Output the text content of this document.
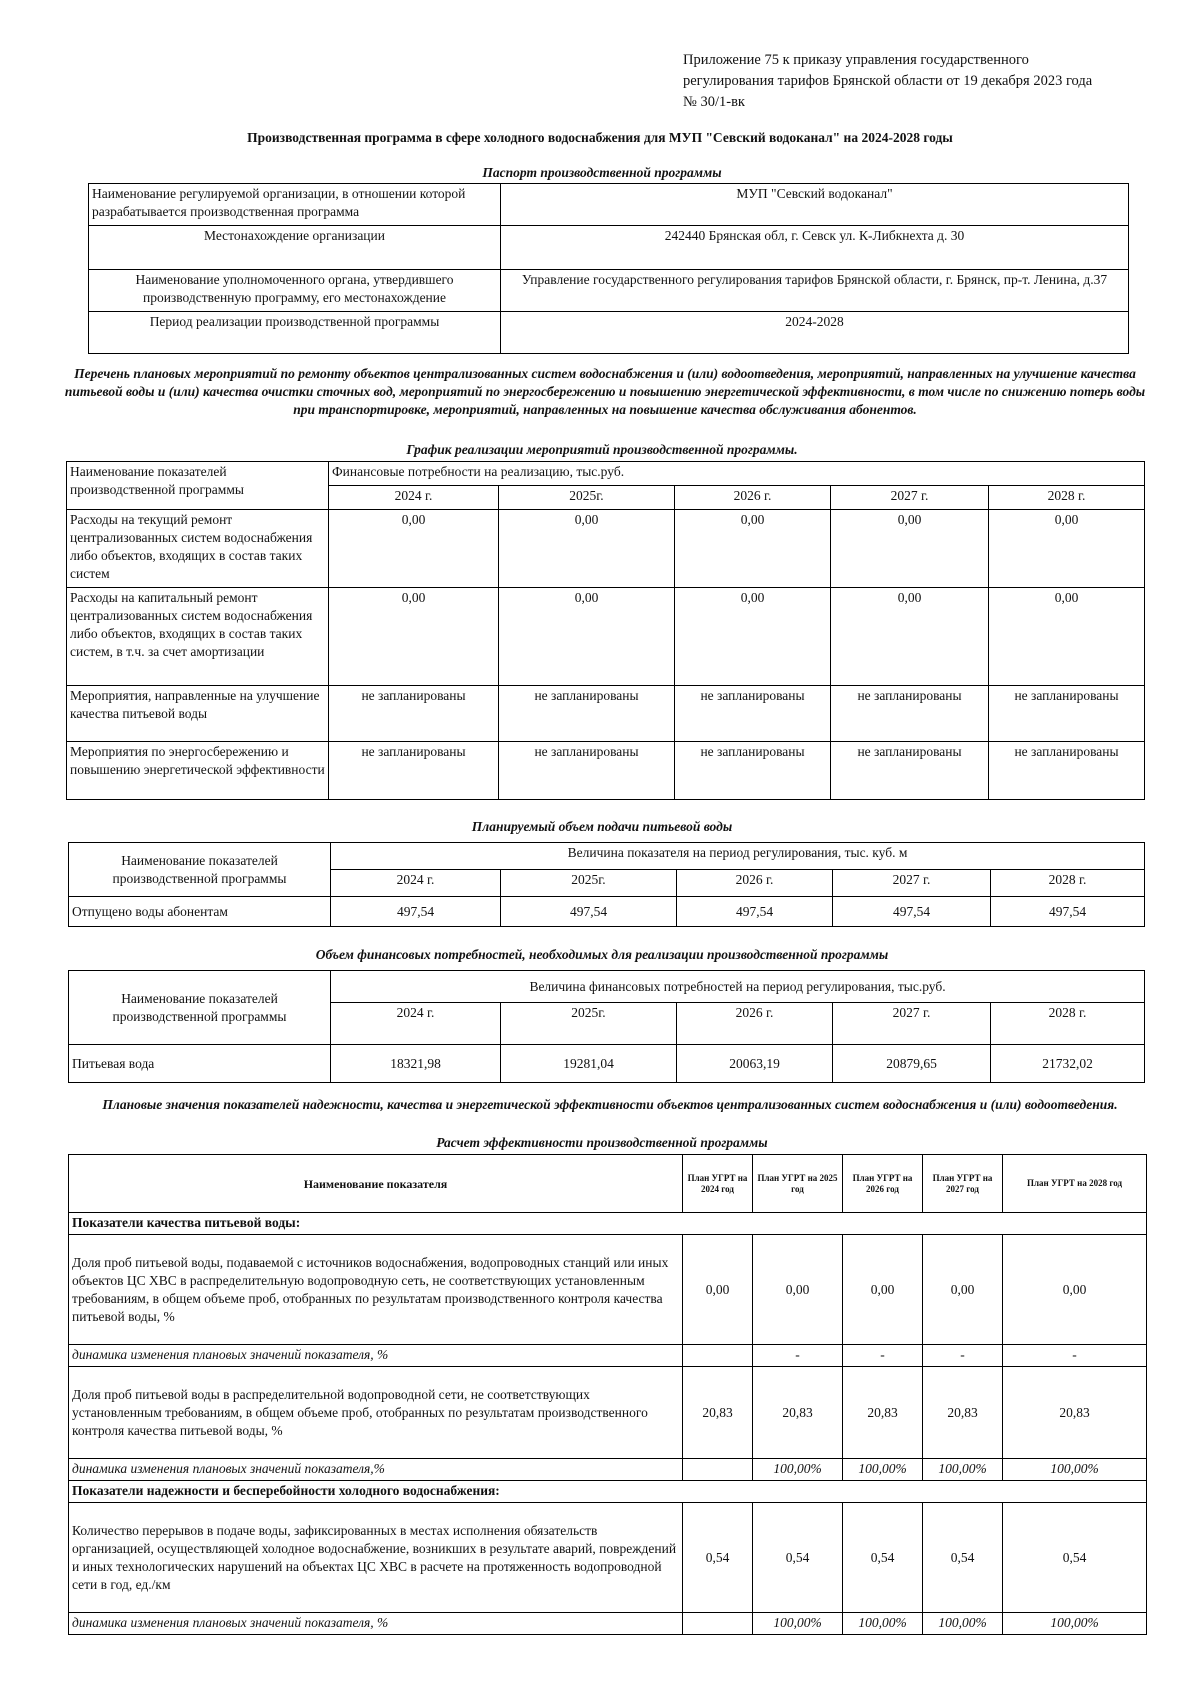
Приложение 75 к приказу управления государственного
регулирования тарифов Брянской области от 19 декабря 2023 года
№ 30/1-вк
Производственная программа в сфере холодного водоснабжения для МУП "Севский водоканал" на 2024-2028 годы
Паспорт производственной программы
Наименование регулируемой организации, в отношении которой разрабатывается производственная программа	МУП "Севский водоканал"
Местонахождение организации	242440 Брянская обл, г. Севск ул. К-Либкнехта д. 30
Наименование уполномоченного органа, утвердившего производственную программу, его местонахождение	Управление государственного регулирования тарифов Брянской области, г. Брянск, пр-т. Ленина, д.37
Период реализации производственной программы	2024-2028
Перечень плановых мероприятий по ремонту объектов централизованных систем водоснабжения и (или) водоотведения, мероприятий, направленных на улучшение качества питьевой воды и (или) качества очистки сточных вод, мероприятий по энергосбережению и повышению энергетической эффективности, в том числе по снижению потерь воды при транспортировке, мероприятий, направленных на повышение качества обслуживания абонентов.
График реализации мероприятий производственной программы.
Наименование показателей производственной программы	Финансовые потребности на реализацию, тыс.руб.				
	2024 г.	2025г.	2026 г.	2027 г.	2028 г.
Расходы на текущий ремонт централизованных систем водоснабжения либо объектов, входящих в состав таких систем	0,00	0,00	0,00	0,00	0,00
Расходы на капитальный ремонт централизованных систем водоснабжения либо объектов, входящих в состав таких систем, в т.ч. за счет амортизации	0,00	0,00	0,00	0,00	0,00
Мероприятия, направленные на улучшение качества питьевой воды	не запланированы	не запланированы	не запланированы	не запланированы	не запланированы
Мероприятия по энергосбережению и повышению энергетической эффективности	не запланированы	не запланированы	не запланированы	не запланированы	не запланированы
Планируемый объем подачи питьевой воды
Наименование показателей производственной программы	Величина показателя на период регулирования, тыс. куб. м				
	2024 г.	2025г.	2026 г.	2027 г.	2028 г.
Отпущено воды абонентам	497,54	497,54	497,54	497,54	497,54
Объем финансовых потребностей, необходимых для реализации производственной программы
Наименование показателей производственной программы	Величина финансовых потребностей на период регулирования, тыс.руб.				
	2024 г.	2025г.	2026 г.	2027 г.	2028 г.
Питьевая вода	18321,98	19281,04	20063,19	20879,65	21732,02
Плановые значения показателей надежности, качества и энергетической эффективности объектов централизованных систем водоснабжения и (или) водоотведения.
Расчет эффективности производственной программы
Наименование показателя	План УГРТ на 2024 год	План УГРТ на 2025 год	План УГРТ на 2026 год	План УГРТ на 2027 год	План УГРТ на 2028 год
Показатели качества питьевой воды:					
Доля проб питьевой воды, подаваемой с источников водоснабжения, водопроводных станций или иных объектов ЦС ХВС в распределительную водопроводную сеть, не соответствующих установленным требованиям, в общем объеме проб, отобранных по результатам производственного контроля качества питьевой воды, %	0,00	0,00	0,00	0,00	0,00
динамика изменения плановых значений показателя, %		-	-	-	-
Доля проб питьевой воды в распределительной водопроводной сети, не соответствующих установленным требованиям, в общем объеме проб, отобранных по результатам производственного контроля качества питьевой воды, %	20,83	20,83	20,83	20,83	20,83
динамика изменения плановых значений показателя,%		100,00%	100,00%	100,00%	100,00%
Показатели надежности и бесперебойности холодного водоснабжения:					
Количество перерывов в подаче воды, зафиксированных в местах исполнения обязательств организацией, осуществляющей холодное водоснабжение, возникших в результате аварий, повреждений и иных технологических нарушений на объектах ЦС ХВС в расчете на протяженность водопроводной сети в год, ед./км	0,54	0,54	0,54	0,54	0,54
динамика изменения плановых значений показателя, %		100,00%	100,00%	100,00%	100,00%
